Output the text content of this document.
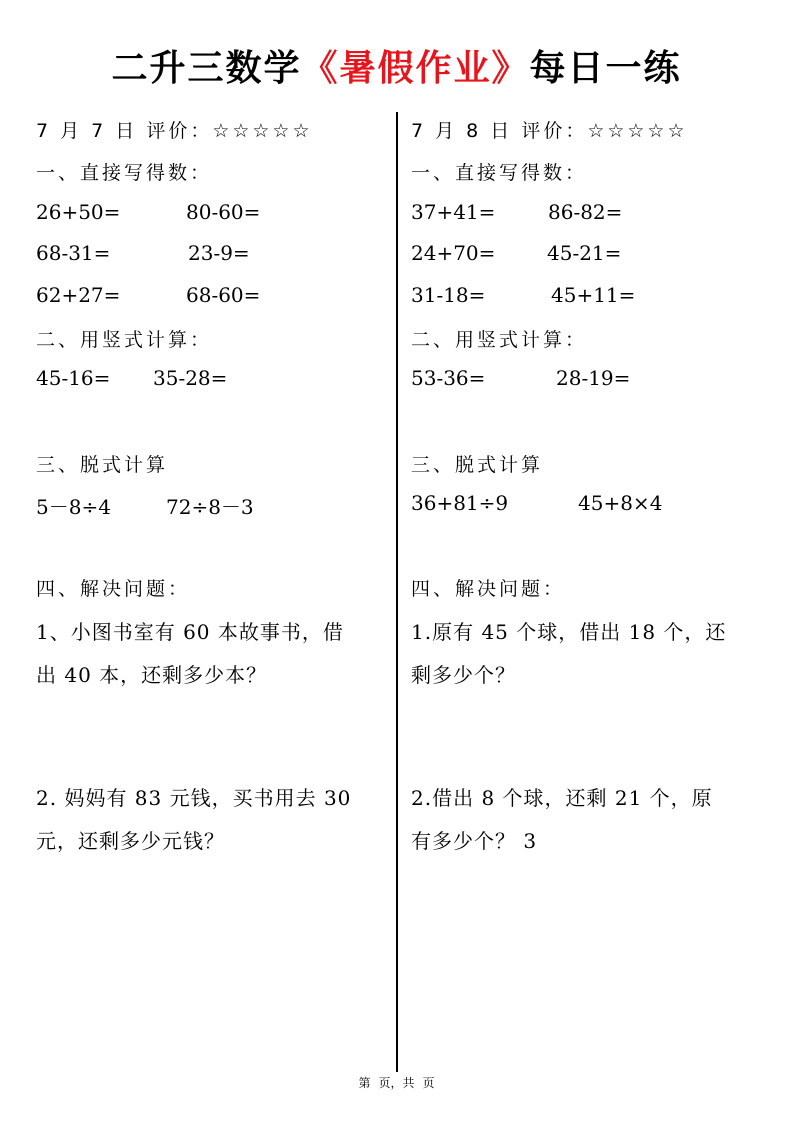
二升三数学《暑假作业》每日一练
7 月 7 日 评价：☆☆☆☆☆
一、直接写得数：
26+50=	80-60=
68-31=	23-9=
62+27=	68-60=
二、用竖式计算：
45-16= 35-28=
三、脱式计算
5－8÷4	72÷8－3
四、解决问题：
1、小图书室有 60 本故事书，借
出 40 本，还剩多少本？
2. 妈妈有 83 元钱，买书用去 30
元，还剩多少元钱？
7 月 8 日 评价：☆☆☆☆☆
一、直接写得数：
37+41=	86-82=
24+70=	45-21=
31-18=	45+11=
二、用竖式计算：
53-36=	28-19=
三、脱式计算
36+81÷9	45+8×4
四、解决问题：
1.原有 45 个球，借出 18 个，还
剩多少个？
2.借出 8 个球，还剩 21 个，原
有多少个？ 3
第 页，共 页
